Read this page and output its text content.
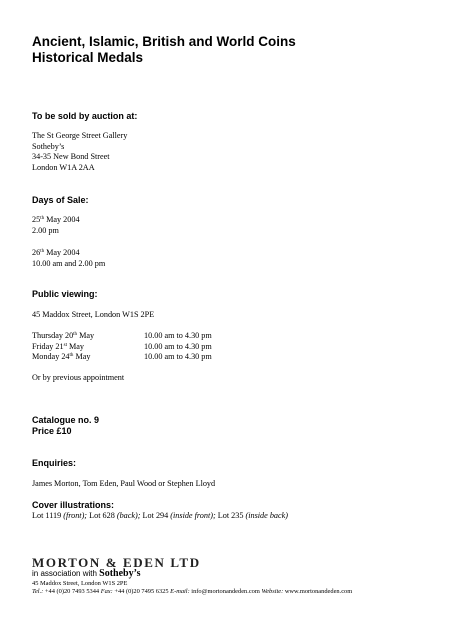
Ancient, Islamic, British and World Coins
Historical Medals
To be sold by auction at:
The St George Street Gallery
Sotheby’s
34-35 New Bond Street
London W1A 2AA
Days of Sale:
25th May 2004
2.00 pm
26th May 2004
10.00 am and 2.00 pm
Public viewing:
45 Maddox Street, London W1S 2PE
Thursday 20th May	10.00 am to 4.30 pm
Friday 21st May	10.00 am to 4.30 pm
Monday 24th May	10.00 am to 4.30 pm
Or by previous appointment
Catalogue no. 9
Price £10
Enquiries:
James Morton, Tom Eden, Paul Wood or Stephen Lloyd
Cover illustrations:
Lot 1119 (front); Lot 628 (back); Lot 294 (inside front); Lot 235 (inside back)
MORTON & EDEN LTD
in association with Sotheby’s
45 Maddox Street, London W1S 2PE
Tel.: +44 (0)20 7493 5344 Fax: +44 (0)20 7495 6325 E-mail: info@mortonandeden.com Website: www.mortonandeden.com
